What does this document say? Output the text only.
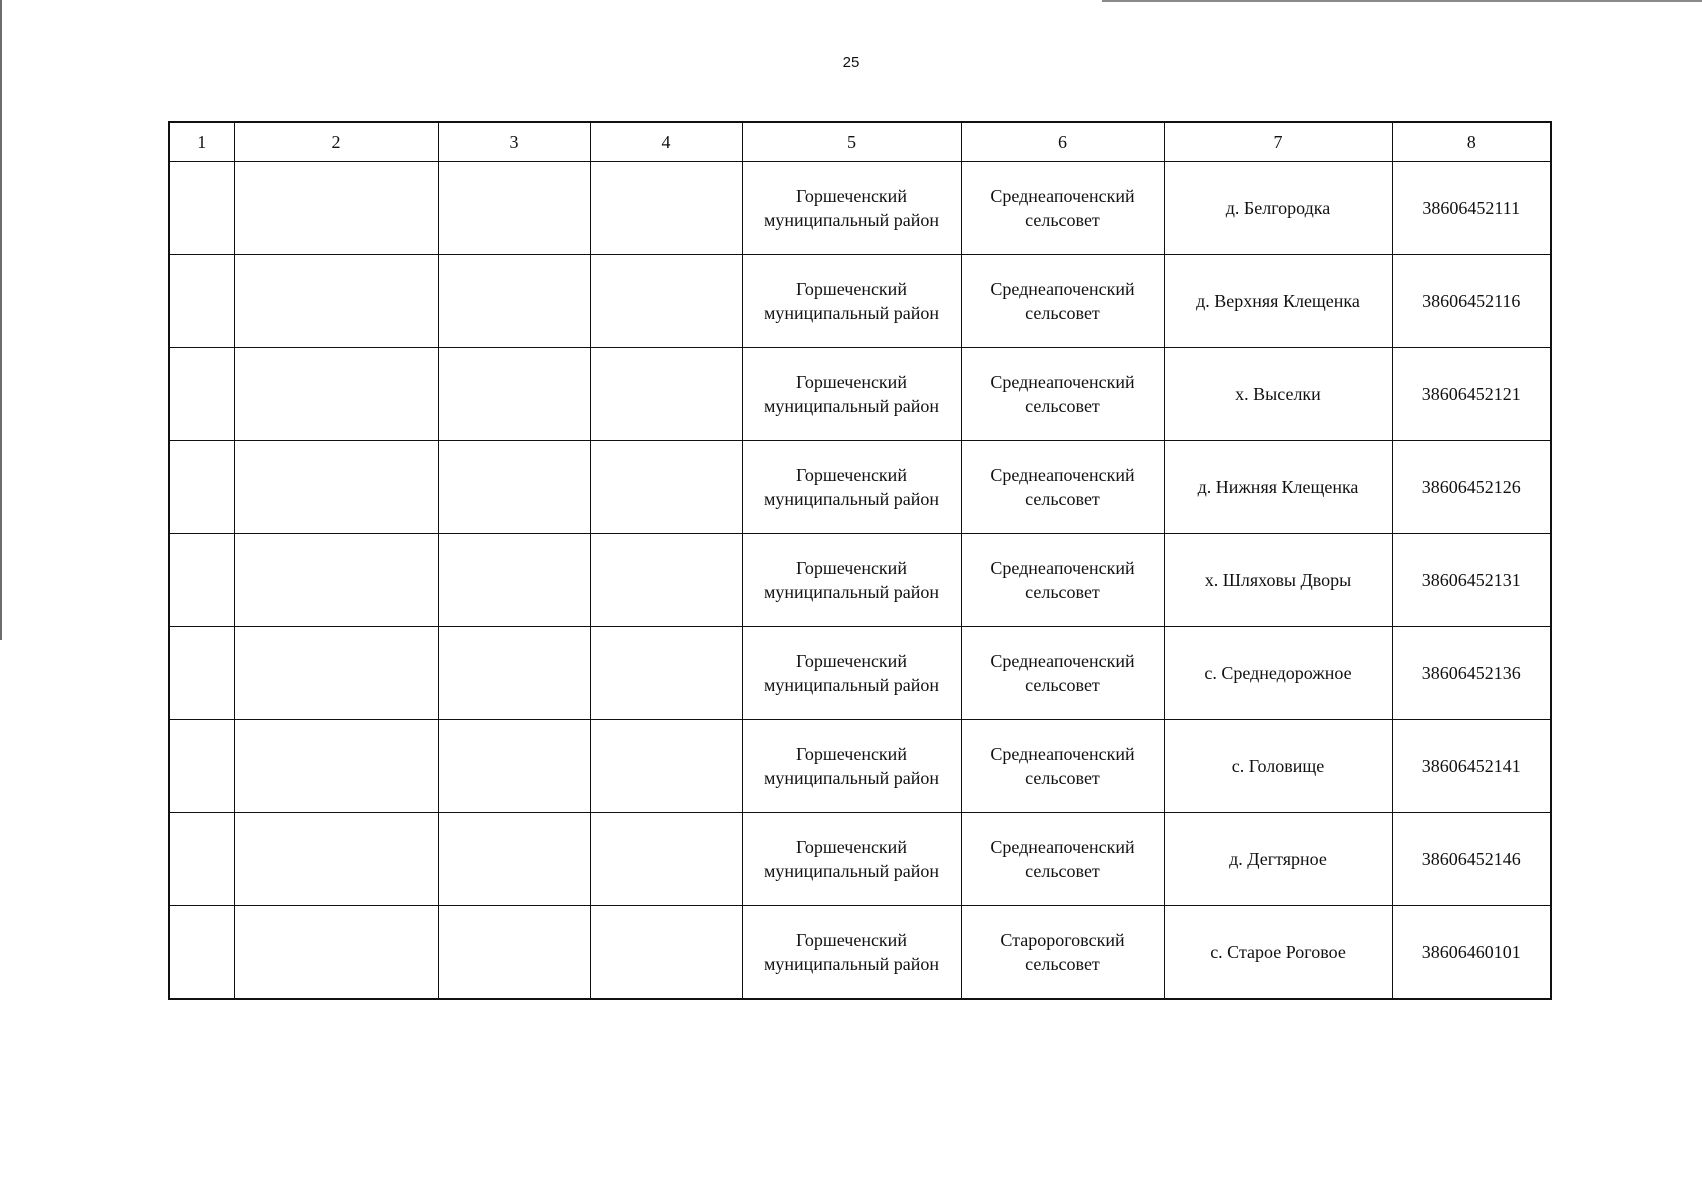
25
1	2	3	4	5	6	7	8
				Горшеченский
муниципальный район	Среднеапоченский
сельсовет	д. Белгородка	38606452111
				Горшеченский
муниципальный район	Среднеапоченский
сельсовет	д. Верхняя Клещенка	38606452116
				Горшеченский
муниципальный район	Среднеапоченский
сельсовет	х. Выселки	38606452121
				Горшеченский
муниципальный район	Среднеапоченский
сельсовет	д. Нижняя Клещенка	38606452126
				Горшеченский
муниципальный район	Среднеапоченский
сельсовет	х. Шляховы Дворы	38606452131
				Горшеченский
муниципальный район	Среднеапоченский
сельсовет	с. Среднедорожное	38606452136
				Горшеченский
муниципальный район	Среднеапоченский
сельсовет	с. Головище	38606452141
				Горшеченский
муниципальный район	Среднеапоченский
сельсовет	д. Дегтярное	38606452146
				Горшеченский
муниципальный район	Старороговский
сельсовет	с. Старое Роговое	38606460101
